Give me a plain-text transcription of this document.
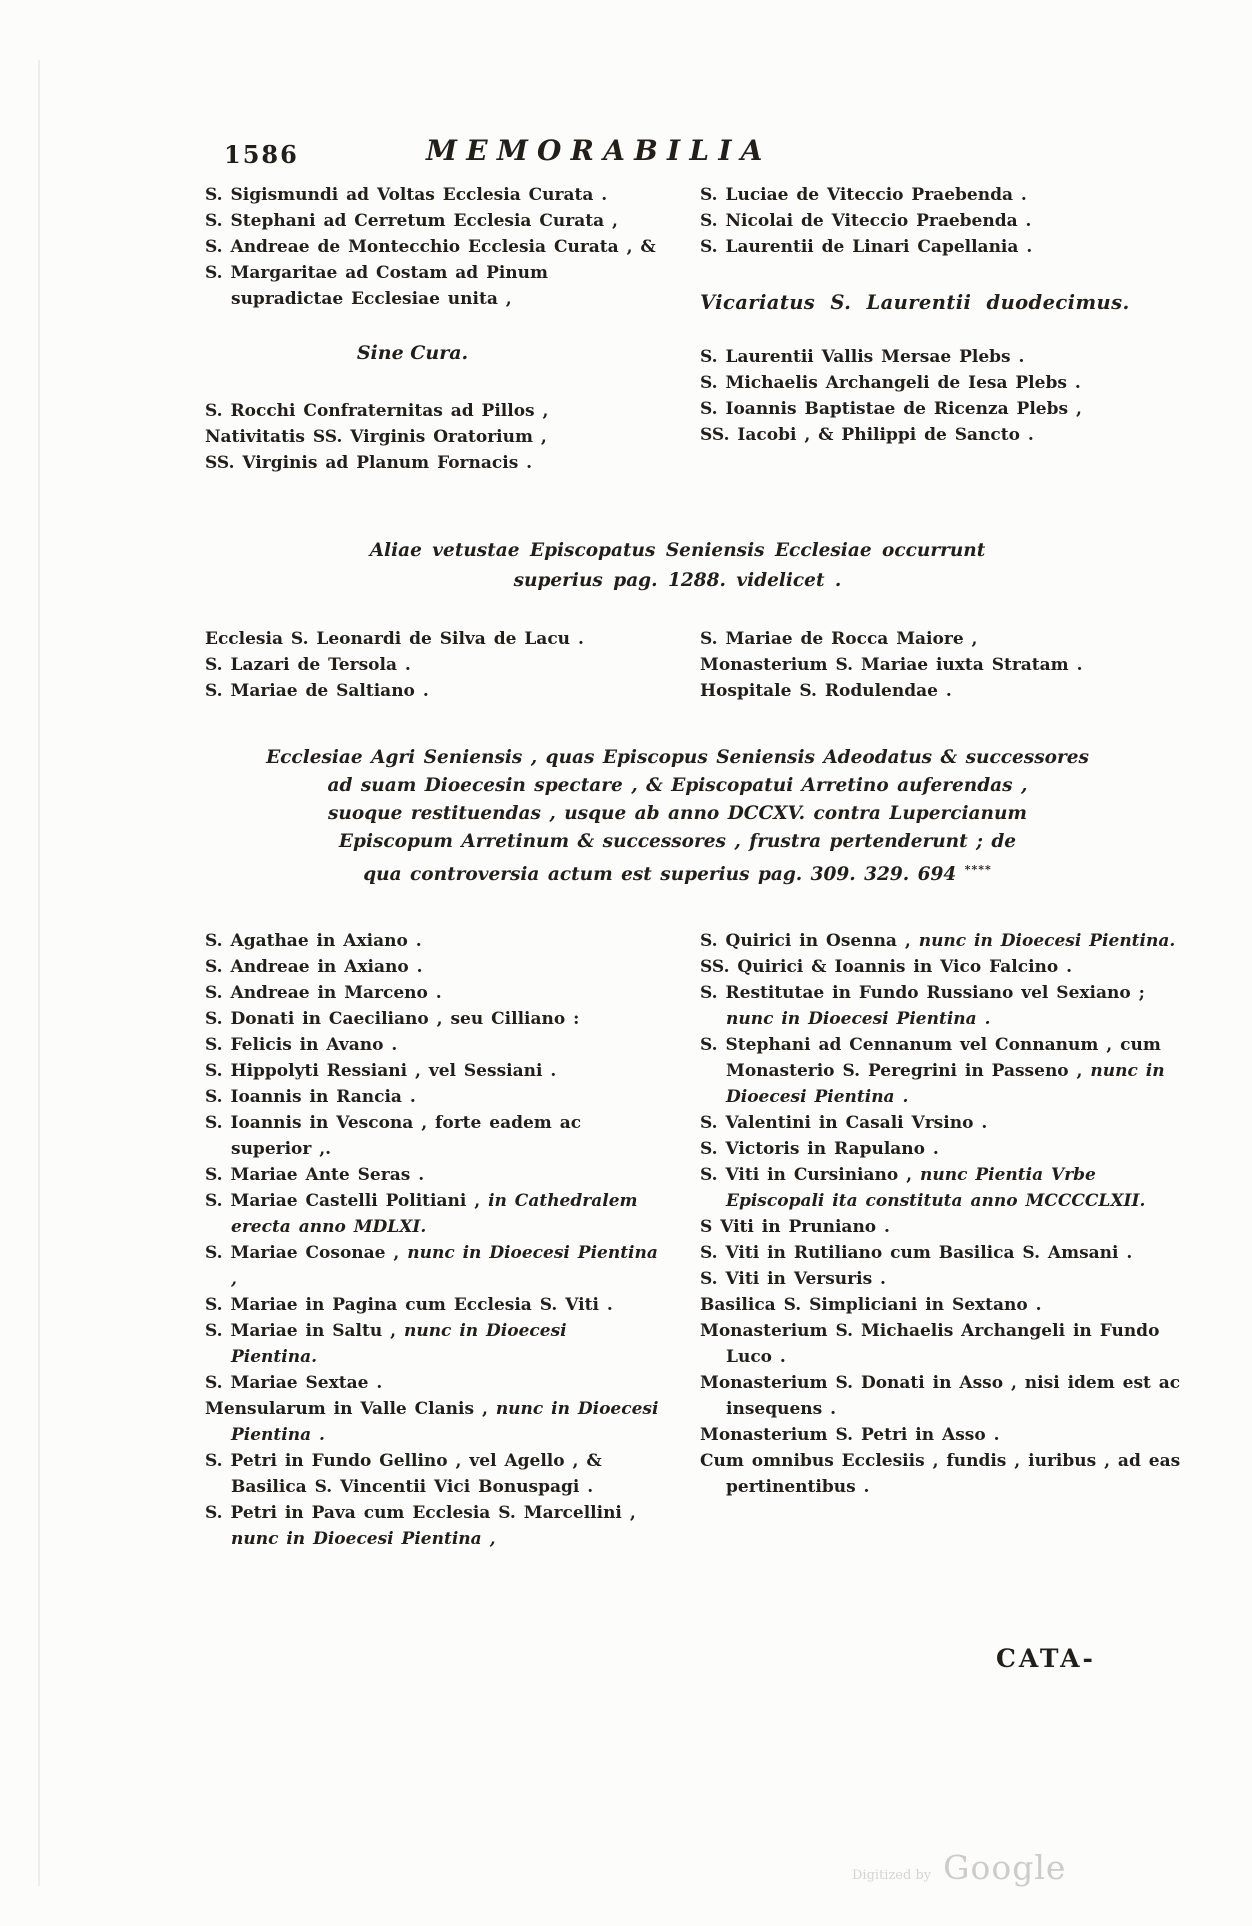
1586	MEMORABILIA
S. Sigismundi ad Voltas Ecclesia Curata .
S. Stephani ad Cerretum Ecclesia Curata ,
S. Andreae de Montecchio Ecclesia Curata , &
S. Margaritae ad Costam ad Pinum supradictae Ecclesiae unita ,
Sine Cura.
S. Rocchi Confraternitas ad Pillos ,
Nativitatis SS. Virginis Oratorium ,
SS. Virginis ad Planum Fornacis .
S. Luciae de Viteccio Praebenda .
S. Nicolai de Viteccio Praebenda .
S. Laurentii de Linari Capellania .
Vicariatus S. Laurentii duodecimus.
S. Laurentii Vallis Mersae Plebs .
S. Michaelis Archangeli de Iesa Plebs .
S. Ioannis Baptistae de Ricenza Plebs ,
SS. Iacobi , & Philippi de Sancto .
Aliae vetustae Episcopatus Seniensis Ecclesiae occurrunt
superius pag. 1288. videlicet .
Ecclesia S. Leonardi de Silva de Lacu .
S. Lazari de Tersola .
S. Mariae de Saltiano .
S. Mariae de Rocca Maiore ,
Monasterium S. Mariae iuxta Stratam .
Hospitale S. Rodulendae .
Ecclesiae Agri Seniensis , quas Episcopus Seniensis Adeodatus & successores
ad suam Dioecesin spectare , & Episcopatui Arretino auferendas ,
suoque restituendas , usque ab anno DCCXV. contra Lupercianum
Episcopum Arretinum & successores , frustra pertenderunt ; de
qua controversia actum est superius pag. 309. 329. 694 ****
S. Agathae in Axiano .
S. Andreae in Axiano .
S. Andreae in Marceno .
S. Donati in Caeciliano , seu Cilliano :
S. Felicis in Avano .
S. Hippolyti Ressiani , vel Sessiani .
S. Ioannis in Rancia .
S. Ioannis in Vescona , forte eadem ac superior ,.
S. Mariae Ante Seras .
S. Mariae Castelli Politiani , in Cathedralem erecta anno MDLXI.
S. Mariae Cosonae , nunc in Dioecesi Pientina ,
S. Mariae in Pagina cum Ecclesia S. Viti .
S. Mariae in Saltu , nunc in Dioecesi Pientina.
S. Mariae Sextae .
Mensularum in Valle Clanis , nunc in Dioecesi Pientina .
S. Petri in Fundo Gellino , vel Agello , & Basilica S. Vincentii Vici Bonuspagi .
S. Petri in Pava cum Ecclesia S. Marcellini , nunc in Dioecesi Pientina ,
S. Quirici in Osenna , nunc in Dioecesi Pientina.
SS. Quirici & Ioannis in Vico Falcino .
S. Restitutae in Fundo Russiano vel Sexiano ; nunc in Dioecesi Pientina .
S. Stephani ad Cennanum vel Connanum , cum Monasterio S. Peregrini in Passeno , nunc in Dioecesi Pientina .
S. Valentini in Casali Vrsino .
S. Victoris in Rapulano .
S. Viti in Cursiniano , nunc Pientia Vrbe Episcopali ita constituta anno MCCCCLXII.
S Viti in Pruniano .
S. Viti in Rutiliano cum Basilica S. Amsani .
S. Viti in Versuris .
Basilica S. Simpliciani in Sextano .
Monasterium S. Michaelis Archangeli in Fundo Luco .
Monasterium S. Donati in Asso , nisi idem est ac insequens .
Monasterium S. Petri in Asso .
Cum omnibus Ecclesiis , fundis , iuribus , ad eas pertinentibus .
CATA-
Digitized by Google
